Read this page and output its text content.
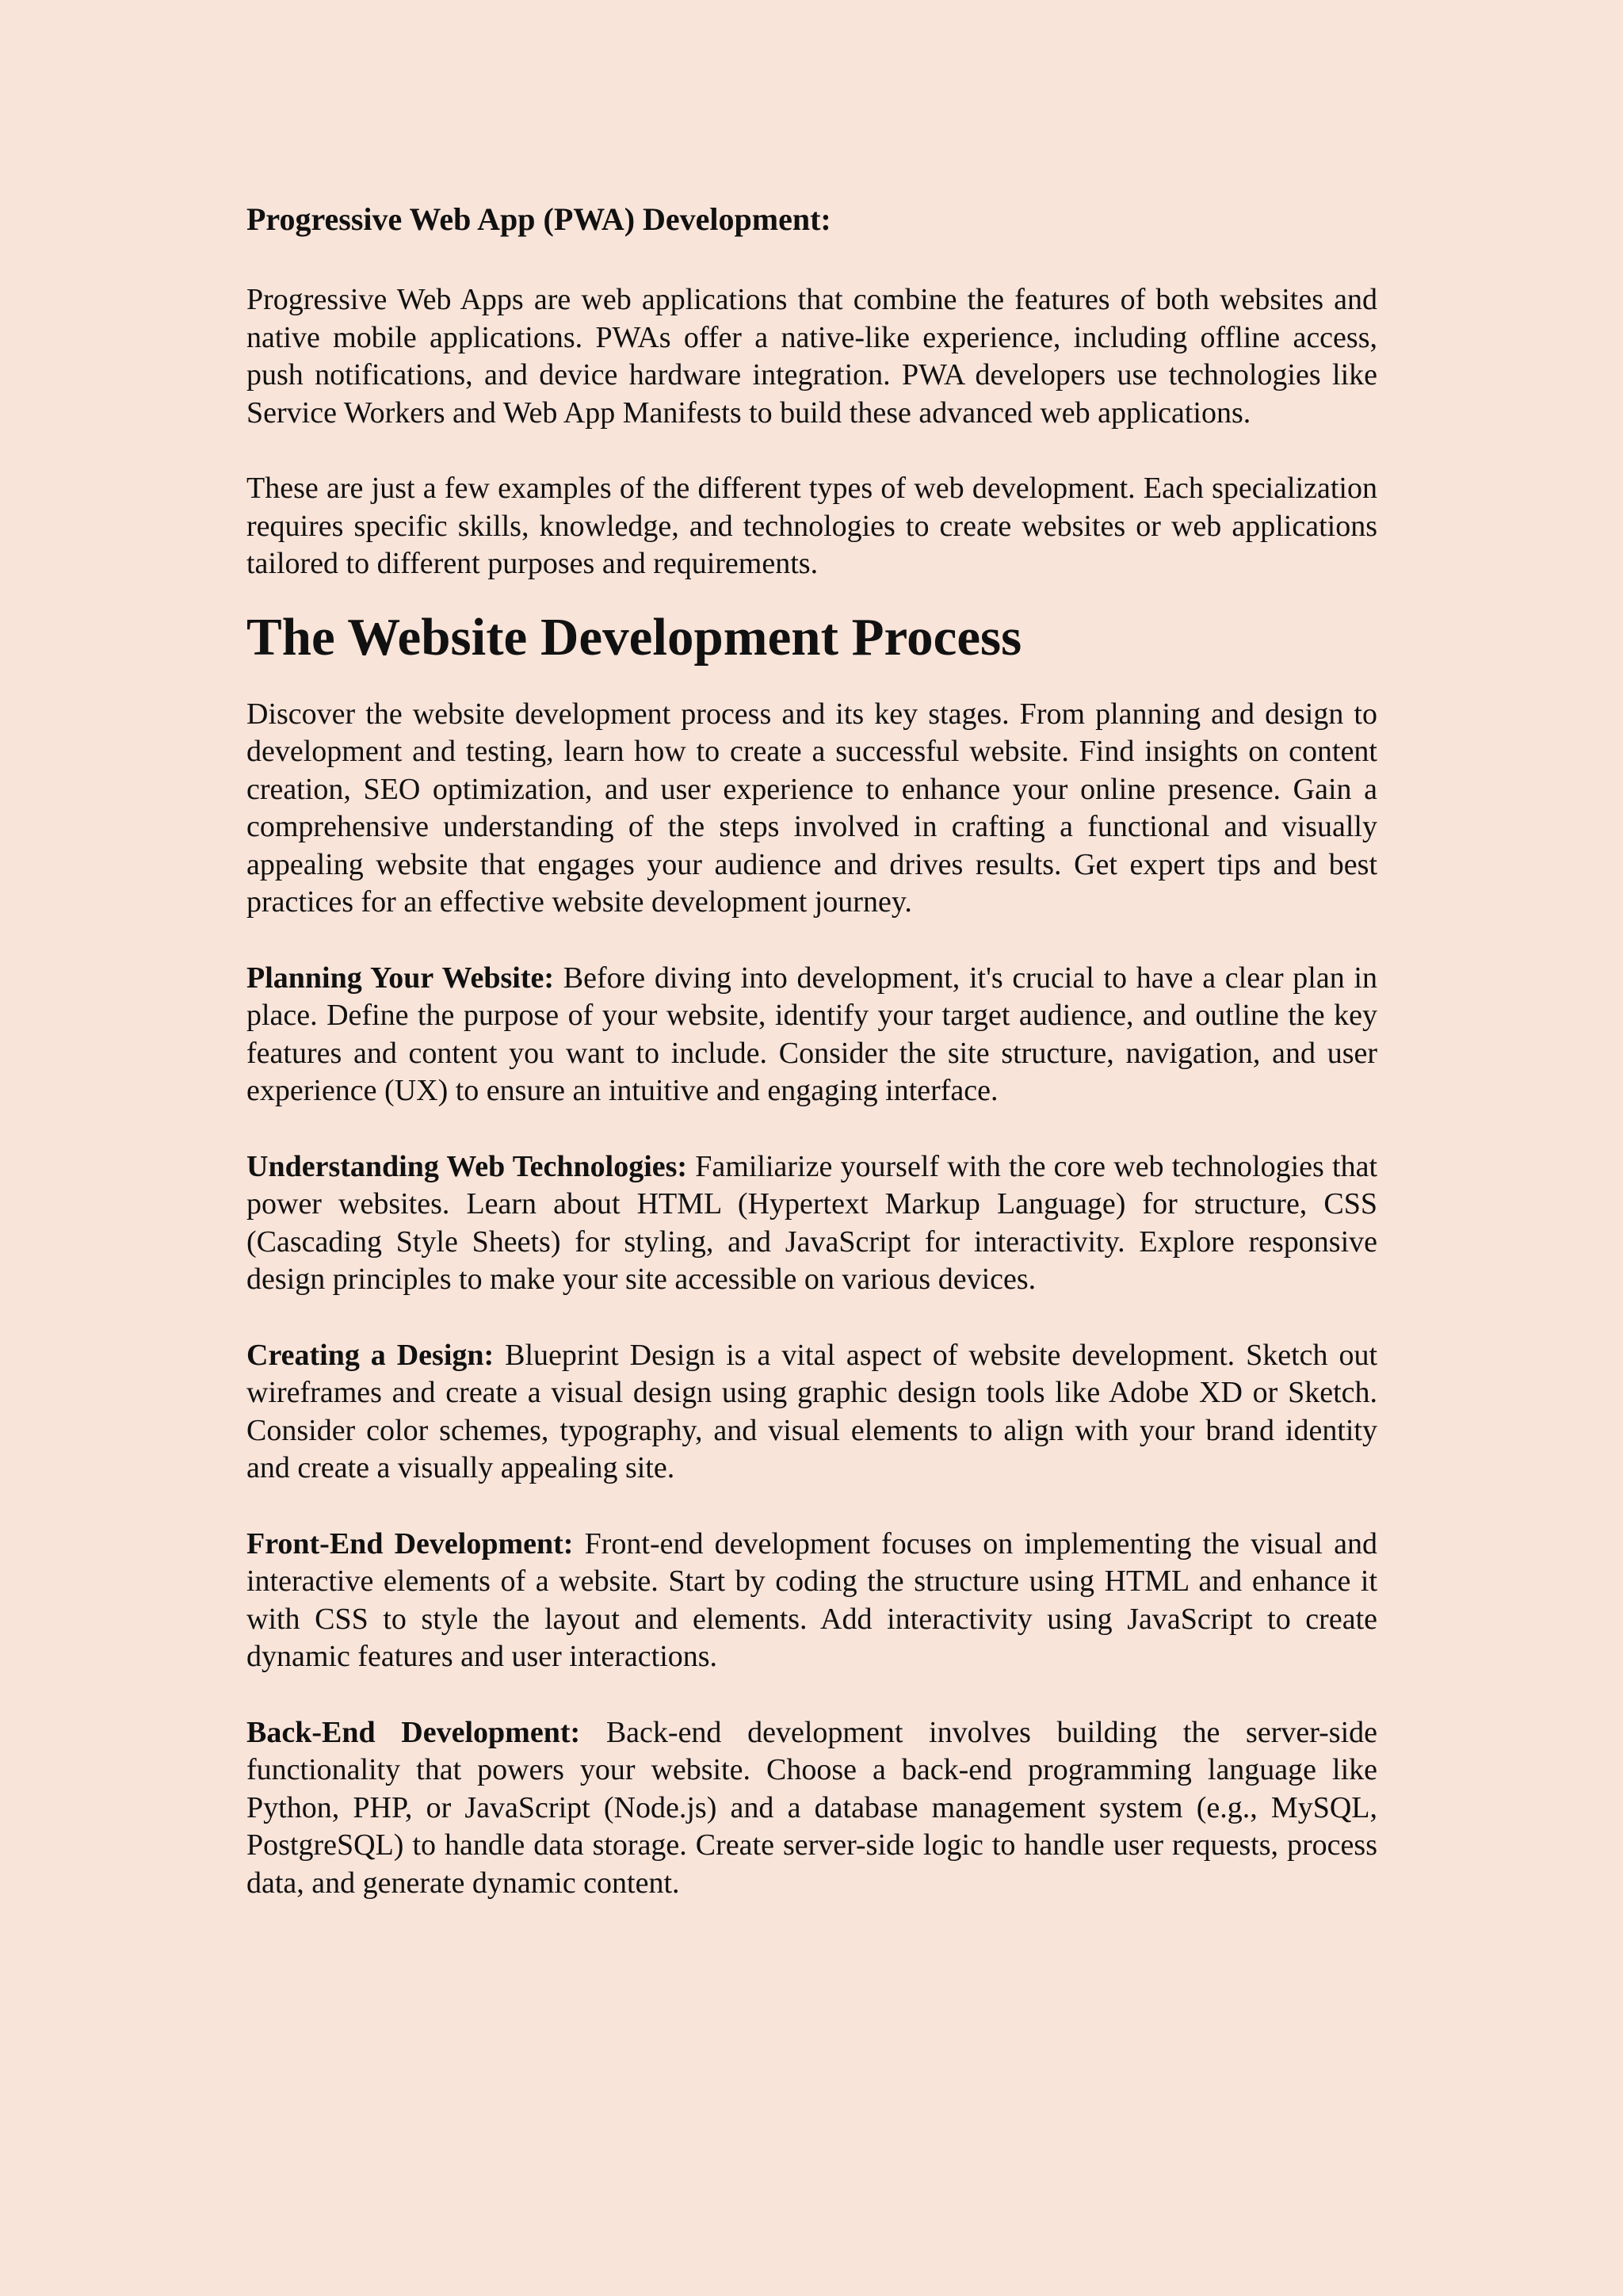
Progressive Web App (PWA) Development:

Progressive Web Apps are web applications that combine the features of both websites and native mobile applications. PWAs offer a native-like experience, including offline access, push notifications, and device hardware integration. PWA developers use technologies like Service Workers and Web App Manifests to build these advanced web applications.

These are just a few examples of the different types of web development. Each specialization requires specific skills, knowledge, and technologies to create websites or web applications tailored to different purposes and requirements.

The Website Development Process

Discover the website development process and its key stages. From planning and design to development and testing, learn how to create a successful website. Find insights on content creation, SEO optimization, and user experience to enhance your online presence. Gain a comprehensive understanding of the steps involved in crafting a functional and visually appealing website that engages your audience and drives results. Get expert tips and best practices for an effective website development journey.

Planning Your Website: Before diving into development, it's crucial to have a clear plan in place. Define the purpose of your website, identify your target audience, and outline the key features and content you want to include. Consider the site structure, navigation, and user experience (UX) to ensure an intuitive and engaging interface.

Understanding Web Technologies: Familiarize yourself with the core web technologies that power websites. Learn about HTML (Hypertext Markup Language) for structure, CSS (Cascading Style Sheets) for styling, and JavaScript for interactivity. Explore responsive design principles to make your site accessible on various devices.

Creating a Design: Blueprint Design is a vital aspect of website development. Sketch out wireframes and create a visual design using graphic design tools like Adobe XD or Sketch. Consider color schemes, typography, and visual elements to align with your brand identity and create a visually appealing site.

Front-End Development: Front-end development focuses on implementing the visual and interactive elements of a website. Start by coding the structure using HTML and enhance it with CSS to style the layout and elements. Add interactivity using JavaScript to create dynamic features and user interactions.

Back-End Development: Back-end development involves building the server-side functionality that powers your website. Choose a back-end programming language like Python, PHP, or JavaScript (Node.js) and a database management system (e.g., MySQL, PostgreSQL) to handle data storage. Create server-side logic to handle user requests, process data, and generate dynamic content.
